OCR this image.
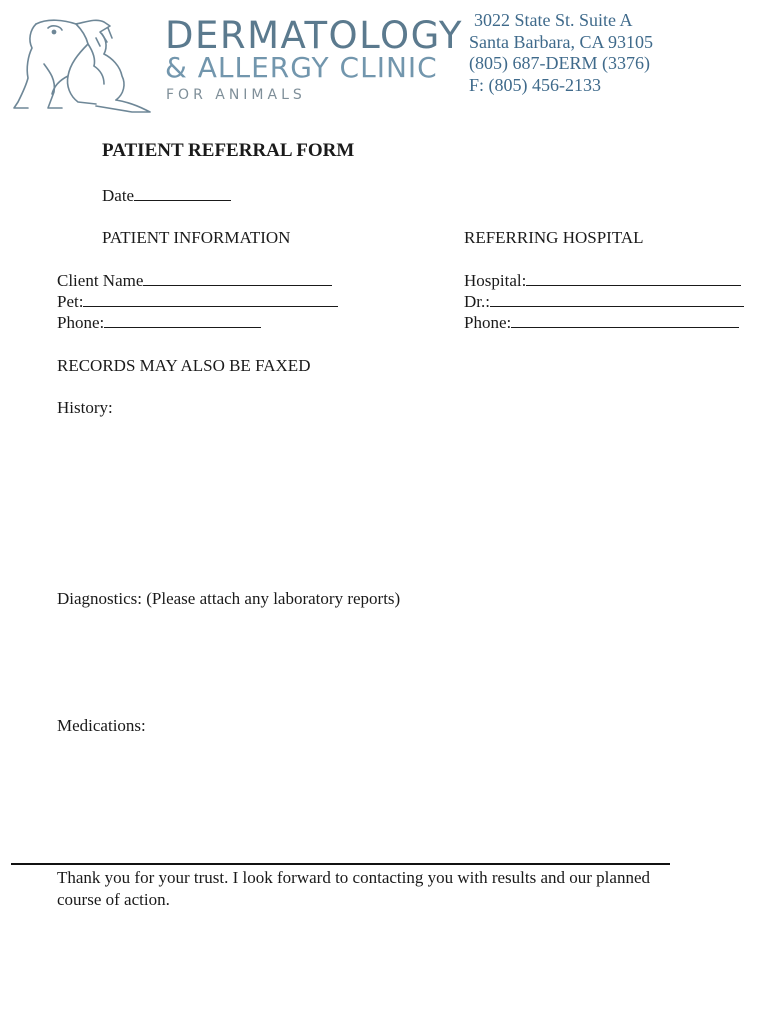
DERMATOLOGY
& ALLERGY CLINIC
FOR ANIMALS
3022 State St. Suite A
Santa Barbara, CA 93105
(805) 687-DERM (3376)
F: (805) 456-2133
PATIENT REFERRAL FORM
Date
PATIENT INFORMATION	REFERRING HOSPITAL
Client Name
Pet:
Phone:
Hospital:
Dr.:
Phone:
RECORDS MAY ALSO BE FAXED
History:
Diagnostics: (Please attach any laboratory reports)
Medications:
Thank you for your trust. I look forward to contacting you with results and our planned course of action.
